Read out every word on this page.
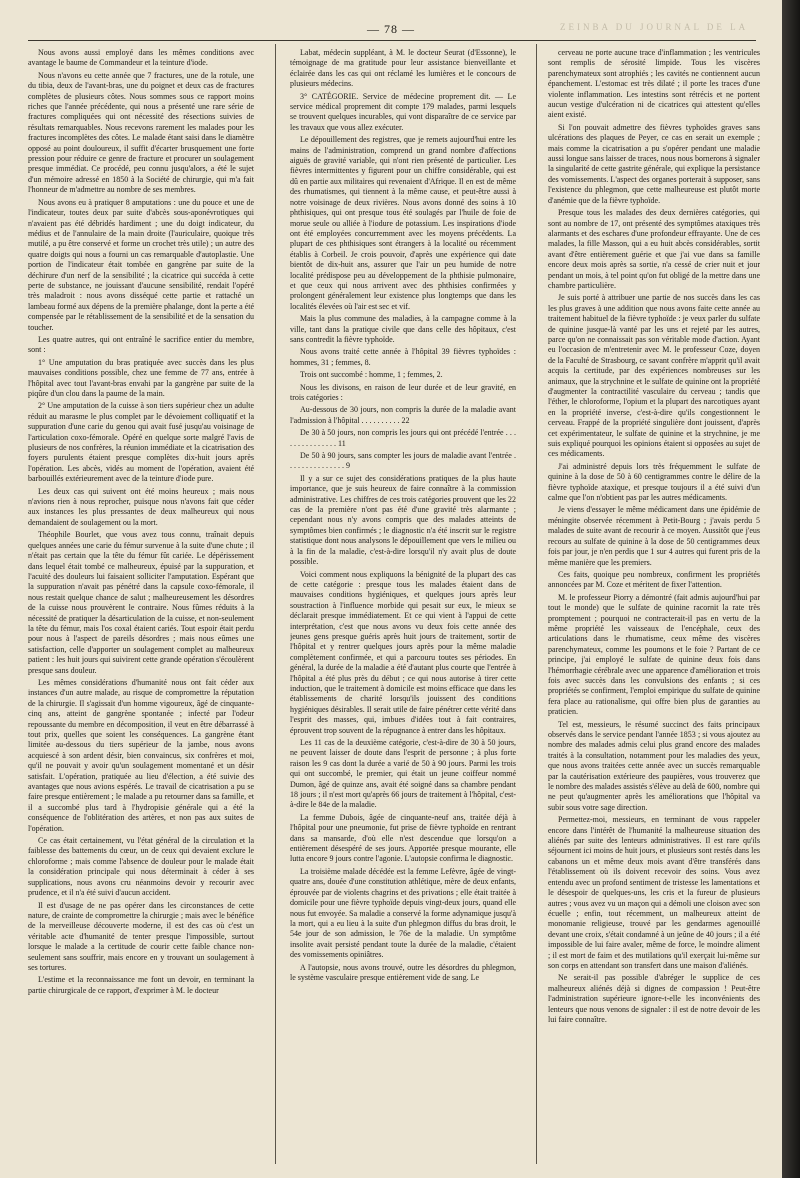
— 78 —	ZEINBA DU JOURNAL DE LA

Nous avons aussi employé dans les mêmes conditions avec avantage le baume de Commandeur et la teinture d'iode.

Nous n'avons eu cette année que 7 fractures, une de la rotule, une du tibia, deux de l'avant-bras, une du poignet et deux cas de fractures complètes de plusieurs côtes. Nous sommes sous ce rapport moins riches que l'année précédente, qui nous a présenté une rare série de fractures compliquées qui ont nécessité des résections suivies de résultats remarquables. Nous recevons rarement les malades pour les fractures incomplètes des côtes. Le malade étant saisi dans le diamètre opposé au point douloureux, il suffit d'écarter brusquement une forte pression pour réduire ce genre de fracture et procurer un soulagement presque immédiat. Ce procédé, peu connu jusqu'alors, a été le sujet d'un mémoire adressé en 1850 à la Société de chirurgie, qui m'a fait l'honneur de m'admettre au nombre de ses membres.

Nous avons eu à pratiquer 8 amputations : une du pouce et une de l'indicateur, toutes deux par suite d'abcès sous-aponévrotiques qui n'avaient pas été débridés hardiment ; une du doigt indicateur, du médius et de l'annulaire de la main droite (l'auriculaire, quoique très mutilé, a pu être conservé et forme un crochet très utile) ; un autre des quatre doigts qui nous a fourni un cas remarquable d'autoplastie. Une portion de l'indicateur était tombée en gangrène par suite de la déchirure d'un nerf de la sensibilité ; la cicatrice qui succéda à cette perte de substance, ne jouissant d'aucune sensibilité, rendait l'opéré très maladroit : nous avons disséqué cette partie et rattaché un lambeau formé aux dépens de la première phalange, dont la perte a été compensée par le rétablissement de la sensibilité et de la sensation du toucher.

Les quatre autres, qui ont entraîné le sacrifice entier du membre, sont :

1° Une amputation du bras pratiquée avec succès dans les plus mauvaises conditions possible, chez une femme de 77 ans, entrée à l'hôpital avec tout l'avant-bras envahi par la gangrène par suite de la piqûre d'un clou dans la paume de la main.

2° Une amputation de la cuisse à son tiers supérieur chez un adulte réduit au marasme le plus complet par le dévoiement colliquatif et la suppuration d'une carie du genou qui avait fusé jusqu'au voisinage de l'articulation coxo-fémorale. Opéré en quelque sorte malgré l'avis de plusieurs de nos confrères, la réunion immédiate et la cicatrisation des foyers purulents étaient presque complètes dix-huit jours après l'opération. Les abcès, vidés au moment de l'opération, avaient été barbouillés extérieurement avec de la teinture d'iode pure.

Les deux cas qui suivent ont été moins heureux ; mais nous n'avions rien à nous reprocher, puisque nous n'avons fait que céder aux instances les plus pressantes de deux malheureux qui nous demandaient de soulagement ou la mort.

Théophile Bourlet, que vous avez tous connu, traînait depuis quelques années une carie du fémur survenue à la suite d'une chute ; il n'était pas certain que la tête du fémur fût cariée. Le dépérissement dans lequel était tombé ce malheureux, épuisé par la suppuration, et l'acuité des douleurs lui faisaient solliciter l'amputation. Espérant que la suppuration n'avait pas pénétré dans la capsule coxo-fémorale, il nous restait quelque chance de salut ; malheureusement les désordres de la cuisse nous prouvèrent le contraire. Nous fûmes réduits à la nécessité de pratiquer la désarticulation de la cuisse, et non-seulement la tête du fémur, mais l'os coxal étaient cariés. Tout espoir était perdu pour nous à l'aspect de pareils désordres ; mais nous eûmes une satisfaction, celle d'apporter un soulagement complet au malheureux patient : les huit jours qui suivirent cette grande opération s'écoulèrent presque sans douleur.

Les mêmes considérations d'humanité nous ont fait céder aux instances d'un autre malade, au risque de compromettre la réputation de la chirurgie. Il s'agissait d'un homme vigoureux, âgé de cinquante-cinq ans, atteint de gangrène spontanée ; infecté par l'odeur repoussante du membre en décomposition, il veut en être débarrassé à tout prix, quelles que soient les conséquences. La gangrène étant limitée au-dessous du tiers supérieur de la jambe, nous avons acquiescé à son ardent désir, bien convaincus, six confrères et moi, qu'il ne pouvait y avoir qu'un soulagement momentané et un désir satisfait. L'opération, pratiquée au lieu d'élection, a été suivie des avantages que nous avions espérés. Le travail de cicatrisation a pu se faire presque entièrement ; le malade a pu retourner dans sa famille, et il a succombé plus tard à l'hydropisie générale qui a été la conséquence de l'oblitération des artères, et non pas aux suites de l'opération.

Ce cas était certainement, vu l'état général de la circulation et la faiblesse des battements du cœur, un de ceux qui devaient exclure le chloroforme ; mais comme l'absence de douleur pour le malade était la considération principale qui nous déterminait à céder à ses supplications, nous avons cru néanmoins devoir y recourir avec prudence, et il n'a été suivi d'aucun accident.

Il est d'usage de ne pas opérer dans les circonstances de cette nature, de crainte de compromettre la chirurgie ; mais avec le bénéfice de la merveilleuse découverte moderne, il est des cas où c'est un véritable acte d'humanité de tenter presque l'impossible, surtout lorsque le malade a la certitude de courir cette faible chance non-seulement sans souffrir, mais encore en y trouvant un soulagement à ses tortures.

L'estime et la reconnaissance me font un devoir, en terminant la partie chirurgicale de ce rapport, d'exprimer à M. le docteur

Labat, médecin suppléant, à M. le docteur Seurat (d'Essonne), le témoignage de ma gratitude pour leur assistance bienveillante et éclairée dans les cas qui ont réclamé les lumières et le concours de plusieurs médecins.

3° CATÉGORIE. Service de médecine proprement dit. — Le service médical proprement dit compte 179 malades, parmi lesquels se trouvent quelques incurables, qui vont disparaître de ce service par les travaux que vous allez exécuter.

Le dépouillement des registres, que je remets aujourd'hui entre les mains de l'administration, comprend un grand nombre d'affections aiguës de gravité variable, qui n'ont rien présenté de particulier. Les fièvres intermittentes y figurent pour un chiffre considérable, qui est dû en partie aux militaires qui revenaient d'Afrique. Il en est de même des rhumatismes, qui tiennent à la même cause, et peut-être aussi à notre voisinage de deux rivières. Nous avons donné des soins à 10 phthisiques, qui ont presque tous été soulagés par l'huile de foie de morue seule ou alliée à l'iodure de potassium. Les inspirations d'iode ont été employées concurremment avec les moyens précédents. La plupart de ces phthisiques sont étrangers à la localité ou récemment établis à Corbeil. Je crois pouvoir, d'après une expérience qui date bientôt de dix-huit ans, assurer que l'air un peu humide de notre localité prédispose peu au développement de la phthisie pulmonaire, et que ceux qui nous arrivent avec des phthisies confirmées y prolongent généralement leur existence plus longtemps que dans les localités élevées où l'air est sec et vif.

Mais la plus commune des maladies, à la campagne comme à la ville, tant dans la pratique civile que dans celle des hôpitaux, c'est sans contredit la fièvre typhoïde.

Nous avons traité cette année à l'hôpital 39 fièvres typhoïdes : hommes, 31 ; femmes, 8.

Trois ont succombé : homme, 1 ; femmes, 2.

Nous les divisons, en raison de leur durée et de leur gravité, en trois catégories :

Au-dessous de 30 jours, non compris la durée de la maladie avant l'admission à l'hôpital . . . . . . . . . . 22

De 30 à 50 jours, non compris les jours qui ont précédé l'entrée . . . . . . . . . . . . . . . 11

De 50 à 90 jours, sans compter les jours de maladie avant l'entrée . . . . . . . . . . . . . . . 9

Il y a sur ce sujet des considérations pratiques de la plus haute importance, que je suis heureux de faire connaître à la commission administrative. Les chiffres de ces trois catégories prouvent que les 22 cas de la première n'ont pas été d'une gravité très alarmante ; cependant nous n'y avons compris que des malades atteints de symptômes bien confirmés ; le diagnostic n'a été inscrit sur le registre statistique dont nous analysons le dépouillement que vers le milieu ou à la fin de la maladie, c'est-à-dire lorsqu'il n'y avait plus de doute possible.

Voici comment nous expliquons la bénignité de la plupart des cas de cette catégorie : presque tous les malades étaient dans de mauvaises conditions hygiéniques, et quelques jours après leur soustraction à l'influence morbide qui pesait sur eux, le mieux se déclarait presque immédiatement. Et ce qui vient à l'appui de cette interprétation, c'est que nous avons vu deux fois cette année des jeunes gens presque guéris après huit jours de traitement, sortir de l'hôpital et y rentrer quelques jours après pour la même maladie complètement confirmée, et qui a parcouru toutes ses périodes. En général, la durée de la maladie a été d'autant plus courte que l'entrée à l'hôpital a été plus près du début ; ce qui nous autorise à tirer cette induction, que le traitement à domicile est moins efficace que dans les établissements de charité lorsqu'ils jouissent des conditions hygiéniques désirables. Il serait utile de faire pénétrer cette vérité dans l'esprit des masses, qui, imbues d'idées tout à fait contraires, éprouvent trop souvent de la répugnance à entrer dans les hôpitaux.

Les 11 cas de la deuxième catégorie, c'est-à-dire de 30 à 50 jours, ne peuvent laisser de doute dans l'esprit de personne ; à plus forte raison les 9 cas dont la durée a varié de 50 à 90 jours. Parmi les trois qui ont succombé, le premier, qui était un jeune coiffeur nommé Dumon, âgé de quinze ans, avait été soigné dans sa chambre pendant 18 jours ; il n'est mort qu'après 66 jours de traitement à l'hôpital, c'est-à-dire le 84e de la maladie.

La femme Dubois, âgée de cinquante-neuf ans, traitée déjà à l'hôpital pour une pneumonie, fut prise de fièvre typhoïde en rentrant dans sa mansarde, d'où elle n'est descendue que lorsqu'on a entièrement désespéré de ses jours. Apportée presque mourante, elle lutta encore 9 jours contre l'agonie. L'autopsie confirma le diagnostic.

La troisième malade décédée est la femme Lefèvre, âgée de vingt-quatre ans, douée d'une constitution athlétique, mère de deux enfants, éprouvée par de violents chagrins et des privations ; elle était traitée à domicile pour une fièvre typhoïde depuis vingt-deux jours, quand elle nous fut envoyée. Sa maladie a conservé la forme adynamique jusqu'à la mort, qui a eu lieu à la suite d'un phlegmon diffus du bras droit, le 54e jour de son admission, le 76e de la maladie. Un symptôme insolite avait persisté pendant toute la durée de la maladie, c'étaient des vomissements opiniâtres.

A l'autopsie, nous avons trouvé, outre les désordres du phlegmon, le système vasculaire presque entièrement vide de sang. Le

cerveau ne porte aucune trace d'inflammation ; les ventricules sont remplis de sérosité limpide. Tous les viscères parenchymateux sont atrophiés ; les cavités ne contiennent aucun épanchement. L'estomac est très dilaté ; il porte les traces d'une violente inflammation. Les intestins sont rétrécis et ne portent aucun vestige d'ulcération ni de cicatrices qui attestent qu'elles aient existé.

Si l'on pouvait admettre des fièvres typhoïdes graves sans ulcérations des plaques de Peyer, ce cas en serait un exemple ; mais comme la cicatrisation a pu s'opérer pendant une maladie aussi longue sans laisser de traces, nous nous bornerons à signaler la singularité de cette gastrite générale, qui explique la persistance des vomissements. L'aspect des organes porterait à supposer, sans l'existence du phlegmon, que cette malheureuse est plutôt morte d'anémie que de la fièvre typhoïde.

Presque tous les malades des deux dernières catégories, qui sont au nombre de 17, ont présenté des symptômes ataxiques très alarmants et des eschares d'une profondeur effrayante. Une de ces malades, la fille Masson, qui a eu huit abcès considérables, sortit avant d'être entièrement guérie et que j'ai vue dans sa famille encore deux mois après sa sortie, n'a cessé de crier nuit et jour pendant un mois, à tel point qu'on fut obligé de la mettre dans une chambre particulière.

Je suis porté à attribuer une partie de nos succès dans les cas les plus graves à une addition que nous avons faite cette année au traitement habituel de la fièvre typhoïde : je veux parler du sulfate de quinine jusque-là vanté par les uns et rejeté par les autres, parce qu'on ne connaissait pas son véritable mode d'action. Ayant eu l'occasion de m'entretenir avec M. le professeur Coze, doyen de la Faculté de Strasbourg, ce savant confrère m'apprit qu'il avait acquis la certitude, par des expériences nombreuses sur les animaux, que la strychnine et le sulfate de quinine ont la propriété d'augmenter la contractilité vasculaire du cerveau ; tandis que l'éther, le chloroforme, l'opium et la plupart des narcotiques ayant en la propriété inverse, c'est-à-dire qu'ils congestionnent le cerveau. Frappé de la propriété singulière dont jouissent, d'après cet expérimentateur, le sulfate de quinine et la strychnine, je me suis expliqué pourquoi les opinions étaient si opposées au sujet de ces médicaments.

J'ai administré depuis lors très fréquemment le sulfate de quinine à la dose de 50 à 60 centigrammes contre le délire de la fièvre typhoïde ataxique, et presque toujours il a été suivi d'un calme que l'on n'obtient pas par les autres médicaments.

Je viens d'essayer le même médicament dans une épidémie de méningite observée récemment à Petit-Bourg ; j'avais perdu 5 malades de suite avant de recourir à ce moyen. Aussitôt que j'eus recours au sulfate de quinine à la dose de 50 centigrammes deux fois par jour, je n'en perdis que 1 sur 4 autres qui furent pris de la même manière que les premiers.

Ces faits, quoique peu nombreux, confirment les propriétés annoncées par M. Coze et méritent de fixer l'attention.

M. le professeur Piorry a démontré (fait admis aujourd'hui par tout le monde) que le sulfate de quinine racornit la rate très promptement ; pourquoi ne contracterait-il pas en vertu de la même propriété les vaisseaux de l'encéphale, ceux des articulations dans le rhumatisme, ceux même des viscères parenchymateux, comme les poumons et le foie ? Partant de ce principe, j'ai employé le sulfate de quinine deux fois dans l'hémorrhagie cérébrale avec une apparence d'amélioration et trois fois avec succès dans les convulsions des enfants ; si ces propriétés se confirment, l'emploi empirique du sulfate de quinine fera place au rationalisme, qui offre bien plus de garanties au praticien.

Tel est, messieurs, le résumé succinct des faits principaux observés dans le service pendant l'année 1853 ; si vous ajoutez au nombre des malades admis celui plus grand encore des malades traités à la consultation, notamment pour les maladies des yeux, que nous avons traitées cette année avec un succès remarquable par la cautérisation extérieure des paupières, vous trouverez que le nombre des malades assistés s'élève au delà de 600, nombre qui ne peut qu'augmenter après les améliorations que l'hôpital va subir sous votre sage direction.

Permettez-moi, messieurs, en terminant de vous rappeler encore dans l'intérêt de l'humanité la malheureuse situation des aliénés par suite des lenteurs administratives. Il est rare qu'ils séjournent ici moins de huit jours, et plusieurs sont restés dans les cabanons un et même deux mois avant d'être transférés dans l'établissement où ils doivent recevoir des soins. Vous avez entendu avec un profond sentiment de tristesse les lamentations et le désespoir de quelques-uns, les cris et la fureur de plusieurs autres ; vous avez vu un maçon qui a démoli une cloison avec son écuelle ; enfin, tout récemment, un malheureux atteint de monomanie religieuse, trouvé par les gendarmes agenouillé devant une croix, s'était condamné à un jeûne de 40 jours ; il a été impossible de lui faire avaler, même de force, le moindre aliment ; il est mort de faim et des mutilations qu'il exerçait lui-même sur son corps en attendant son transfert dans une maison d'aliénés.

Ne serait-il pas possible d'abréger le supplice de ces malheureux aliénés déjà si dignes de compassion ! Peut-être l'administration supérieure ignore-t-elle les inconvénients des lenteurs que nous venons de signaler : il est de notre devoir de les lui faire connaître.
